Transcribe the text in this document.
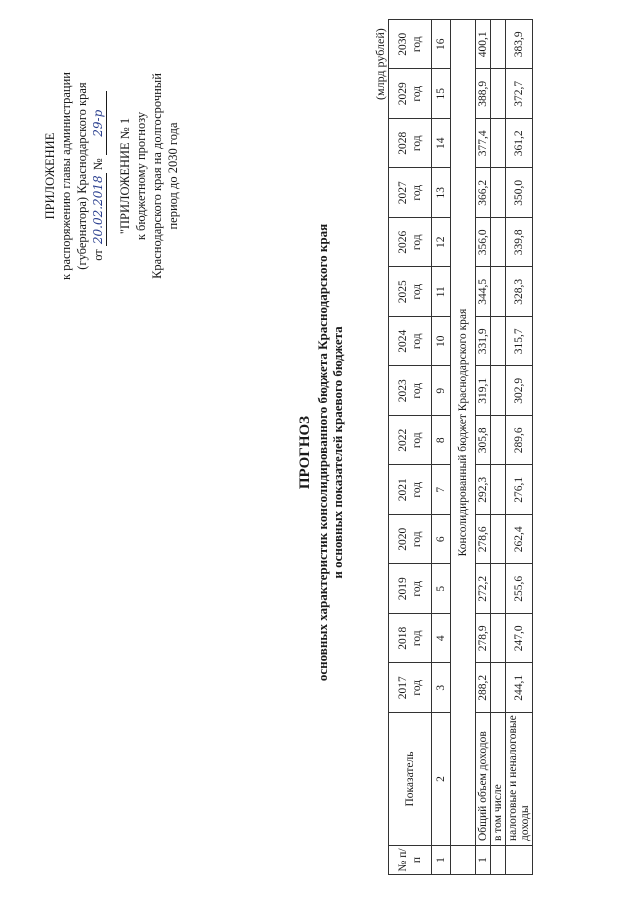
ПРИЛОЖЕНИЕ к распоряжению главы администрации (губернатора) Краснодарского края от 20.02.2018 № 29-р "ПРИЛОЖЕНИЕ № 1 к бюджетному прогнозу Краснодарского края на долгосрочный период до 2030 года
ПРОГНОЗ основных характеристик консолидированного бюджета Краснодарского края и основных показателей краевого бюджета
(млрд рублей)
№ п/п	Показатель	2017 год	2018 год	2019 год	2020 год	2021 год	2022 год	2023 год	2024 год	2025 год	2026 год	2027 год	2028 год	2029 год	2030 год
1	2	3	4	5	6	7	8	9	10	11	12	13	14	15	16
	Консолидированный бюджет Краснодарского края														
1	Общий объем доходов	288,2	278,9	272,2	278,6	292,3	305,8	319,1	331,9	344,5	356,0	366,2	377,4	388,9	400,1
	в том числе														
	налоговые и неналоговые доходы	244,1	247,0	255,6	262,4	276,1	289,6	302,9	315,7	328,3	339,8	350,0	361,2	372,7	383,9
